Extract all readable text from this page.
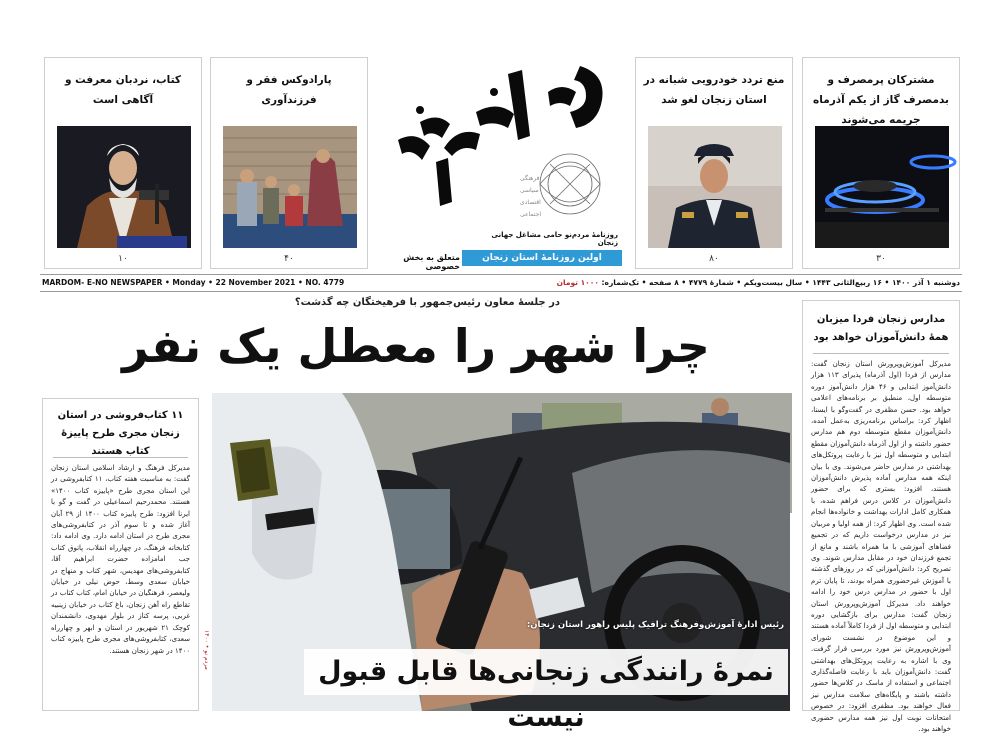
کتاب، نردبان معرفت و آگاهی است
۱۰
پارادوکس فقر و فرزندآوری
۴۰
منع تردد خودرویی شبانه در استان زنجان لغو شد
۸۰
مشترکان پرمصرف و بدمصرف گاز از یکم آذرماه جریمه می‌شوند
۳۰
فرهنگی
سیاسی
اقتصادی
اجتماعی
روزنامۀ مردم‌نو حامی مشاغل جهانی زنجان
اولین روزنامۀ استان زنجان
متعلق به بخش خصوصی
MARDOM- E-NO NEWSPAPER • Monday • 22 November 2021 • NO. 4779	دوشنبه ۱ آذر ۱۴۰۰ • ۱۶ ربیع‌الثانی ۱۴۴۳ • سال بیست‌ویکم • شمارۀ ۴۷۷۹ • ۸ صفحه • تک‌شماره: ۱۰۰۰ تومان
در جلسۀ معاون رئیس‌جمهور با فرهیختگان چه گذشت؟
چرا شهر را معطل یک نفر
۱۱ کتاب‌فروشی در استان زنجان مجری طرح پاییزۀ کتاب هستند
مدیرکل فرهنگ و ارشاد اسلامی استان زنجان گفت: به مناسبت هفته کتاب، ۱۱ کتابفروشی در این استان مجری طرح «پاییزه کتاب ۱۴۰۰» هستند. محمدرحیم اسماعیلی در گفت و گو با ایرنا افزود: طرح پاییزه کتاب ۱۴۰۰ از ۲۹ آبان آغاز شده و تا سوم آذر در کتابفروشی‌های مجری طرح در استان ادامه دارد. وی ادامه داد: کتابخانه فرهنگ، در چهارراه انقلاب، پاتوق کتاب جب امامزاده حضرت ابراهیم آقا، کتابفروشی‌های مهدیس، شهر کتاب و منهاج در خیابان سعدی وسط، حوض نیلی در خیابان ولیعصر، فرهنگیان در خیابان امام، کتاب کتاب در تقاطع راه آهن زنجان، باغ کتاب در خیابان زینبیه غربی، پرسه کتاز در بلوار مهدوی، دانشمندان کوچک ۲۱ شهریور در استان و ابهر و چهارراه سعدی، کتابفروشی‌های مجری طرح پاییزه کتاب ۱۴۰۰ در شهر زنجان هستند.
مدارس زنجان فردا میزبان همۀ دانش‌آموزان خواهد بود
مدیرکل آموزش‌وپرورش استان زنجان گفت: مدارس از فردا (اول آذرماه) پذیرای ۱۱۳ هزار دانش‌آموز ابتدایی و ۴۶ هزار دانش‌آموز دوره متوسطه اول، منطبق بر برنامه‌های اعلامی خواهد بود. حسن مظفری در گفت‌وگو با ایسنا، اظهار کرد: براساس برنامه‌ریزی به‌عمل آمده، دانش‌آموزان مقطع متوسطه دوم هم مدارس حضور داشته و از اول آذرماه دانش‌آموزان مقطع ابتدایی و متوسطه اول نیز با رعایت پروتکل‌های بهداشتی در مدارس حاضر می‌شوند. وی با بیان اینکه همه مدارس آماده پذیرش دانش‌آموزان هستند، افزود: بستری که برای حضور دانش‌آموزان در کلاس درس فراهم شده، با همکاری کامل ادارات بهداشت و خانواده‌ها انجام شده است. وی اظهار کرد: از همه اولیا و مربیان نیز در مدارس درخواست داریم که در تجمیع فضاهای آموزشی با ما همراه باشند و مانع از تجمع فرزندان خود در مقابل مدارس شوند. وی تصریح کرد: دانش‌آموزانی که در روزهای گذشته با آموزش غیرحضوری همراه بودند، تا پایان ترم اول با حضور در مدارس درس خود را ادامه خواهند داد. مدیرکل آموزش‌وپرورش استان زنجان گفت: مدارس برای بازگشایی دوره ابتدایی و متوسطه اول از فردا کاملاً آماده هستند و این موضوع در نشست شورای آموزش‌وپرورش نیز مورد بررسی قرار گرفت. وی با اشاره به رعایت پروتکل‌های بهداشتی گفت: دانش‌آموزان باید با رعایت فاصله‌گذاری اجتماعی و استفاده از ماسک در کلاس‌ها حضور داشته باشند و پایگاه‌های سلامت مدارس نیز فعال خواهند بود. مظفری افزود: در خصوص امتحانات نوبت اول نیز همه مدارس حضوری خواهند بود.
رئیس ادارۀ آموزش‌وفرهنگ ترافیک پلیس راهور استان زنجان:
نمرۀ رانندگی زنجانی‌ها قابل قبول نیست
۱۴۰۰ • مردم نو
